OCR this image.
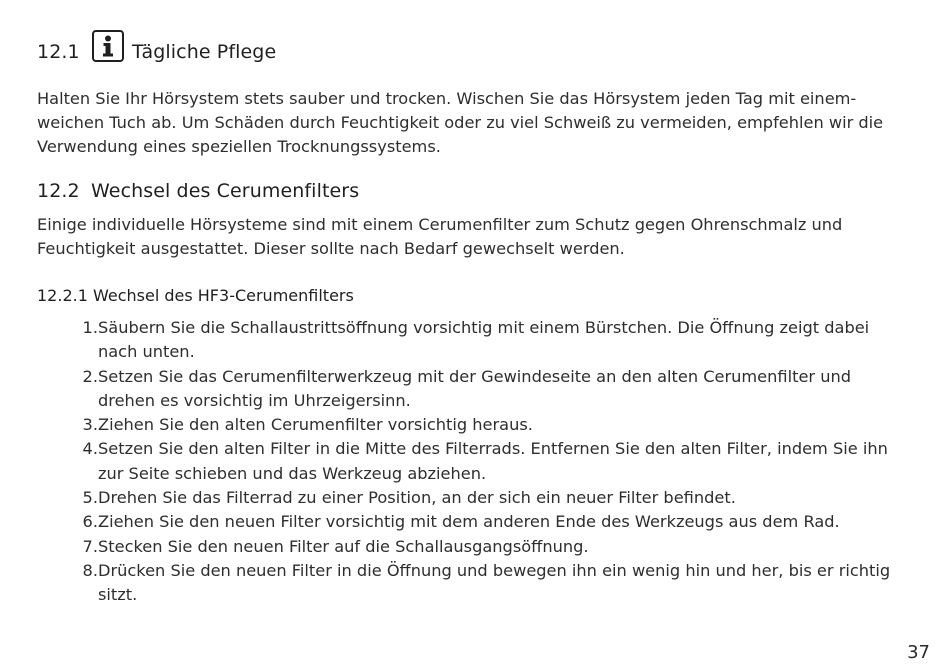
12.1	Tägliche Pflege
Halten Sie Ihr Hörsystem stets sauber und trocken. Wischen Sie das Hörsystem jeden Tag mit einem-
weichen Tuch ab. Um Schäden durch Feuchtigkeit oder zu viel Schweiß zu vermeiden, empfehlen wir die
Verwendung eines speziellen Trocknungssystems.
12.2 Wechsel des Cerumenfilters
Einige individuelle Hörsysteme sind mit einem Cerumenfilter zum Schutz gegen Ohrenschmalz und
Feuchtigkeit ausgestattet. Dieser sollte nach Bedarf gewechselt werden.
12.2.1 Wechsel des HF3-Cerumenfilters
1. Säubern Sie die Schallaustrittsöffnung vorsichtig mit einem Bürstchen. Die Öffnung zeigt dabei
nach unten.
2. Setzen Sie das Cerumenfilterwerkzeug mit der Gewindeseite an den alten Cerumenfilter und
drehen es vorsichtig im Uhrzeigersinn.
3. Ziehen Sie den alten Cerumenfilter vorsichtig heraus.
4. Setzen Sie den alten Filter in die Mitte des Filterrads. Entfernen Sie den alten Filter, indem Sie ihn
zur Seite schieben und das Werkzeug abziehen.
5. Drehen Sie das Filterrad zu einer Position, an der sich ein neuer Filter befindet.
6. Ziehen Sie den neuen Filter vorsichtig mit dem anderen Ende des Werkzeugs aus dem Rad.
7. Stecken Sie den neuen Filter auf die Schallausgangsöffnung.
8. Drücken Sie den neuen Filter in die Öffnung und bewegen ihn ein wenig hin und her, bis er richtig
sitzt.
37
